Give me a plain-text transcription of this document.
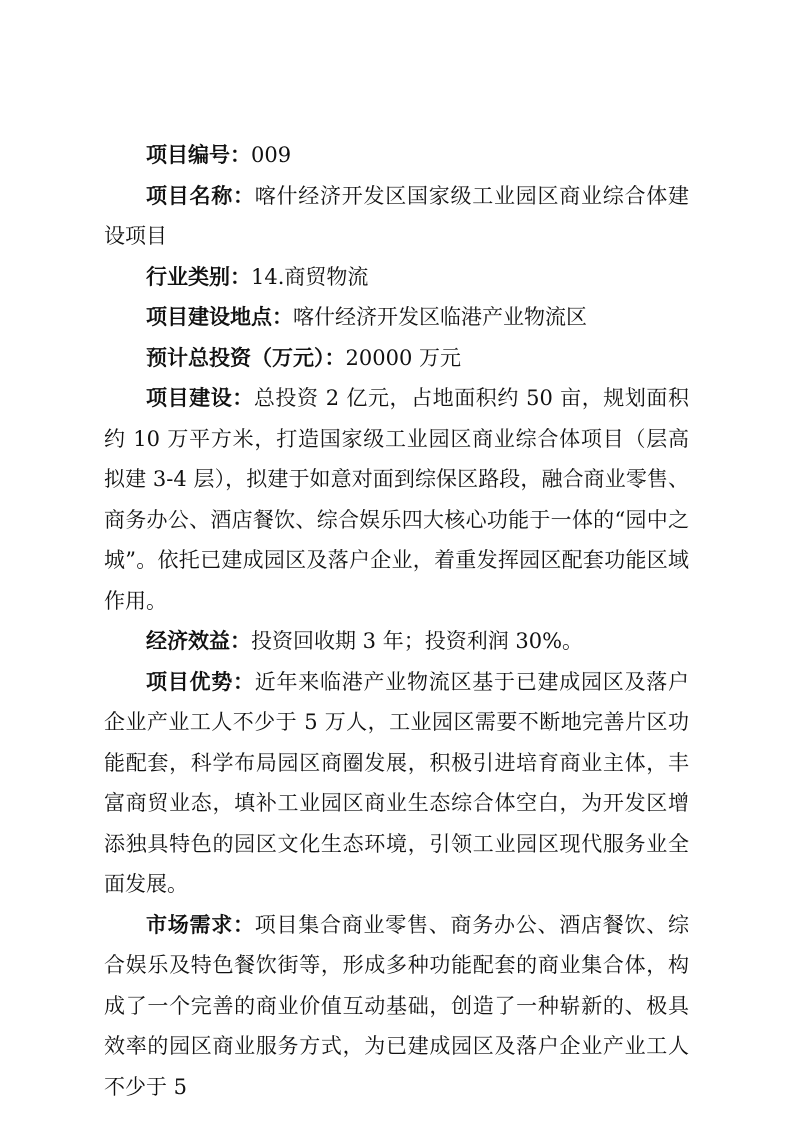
项目编号：009

项目名称：喀什经济开发区国家级工业园区商业综合体建设项目

行业类别：14.商贸物流

项目建设地点：喀什经济开发区临港产业物流区

预计总投资（万元）：20000 万元

项目建设：总投资 2 亿元，占地面积约 50 亩，规划面积约 10 万平方米，打造国家级工业园区商业综合体项目（层高拟建 3-4 层），拟建于如意对面到综保区路段，融合商业零售、商务办公、酒店餐饮、综合娱乐四大核心功能于一体的“园中之城”。依托已建成园区及落户企业，着重发挥园区配套功能区域作用。

经济效益：投资回收期 3 年；投资利润 30%。

项目优势：近年来临港产业物流区基于已建成园区及落户企业产业工人不少于 5 万人，工业园区需要不断地完善片区功能配套，科学布局园区商圈发展，积极引进培育商业主体，丰富商贸业态，填补工业园区商业生态综合体空白，为开发区增添独具特色的园区文化生态环境，引领工业园区现代服务业全面发展。

市场需求：项目集合商业零售、商务办公、酒店餐饮、综合娱乐及特色餐饮街等，形成多种功能配套的商业集合体，构成了一个完善的商业价值互动基础，创造了一种崭新的、极具效率的园区商业服务方式，为已建成园区及落户企业产业工人不少于 5
